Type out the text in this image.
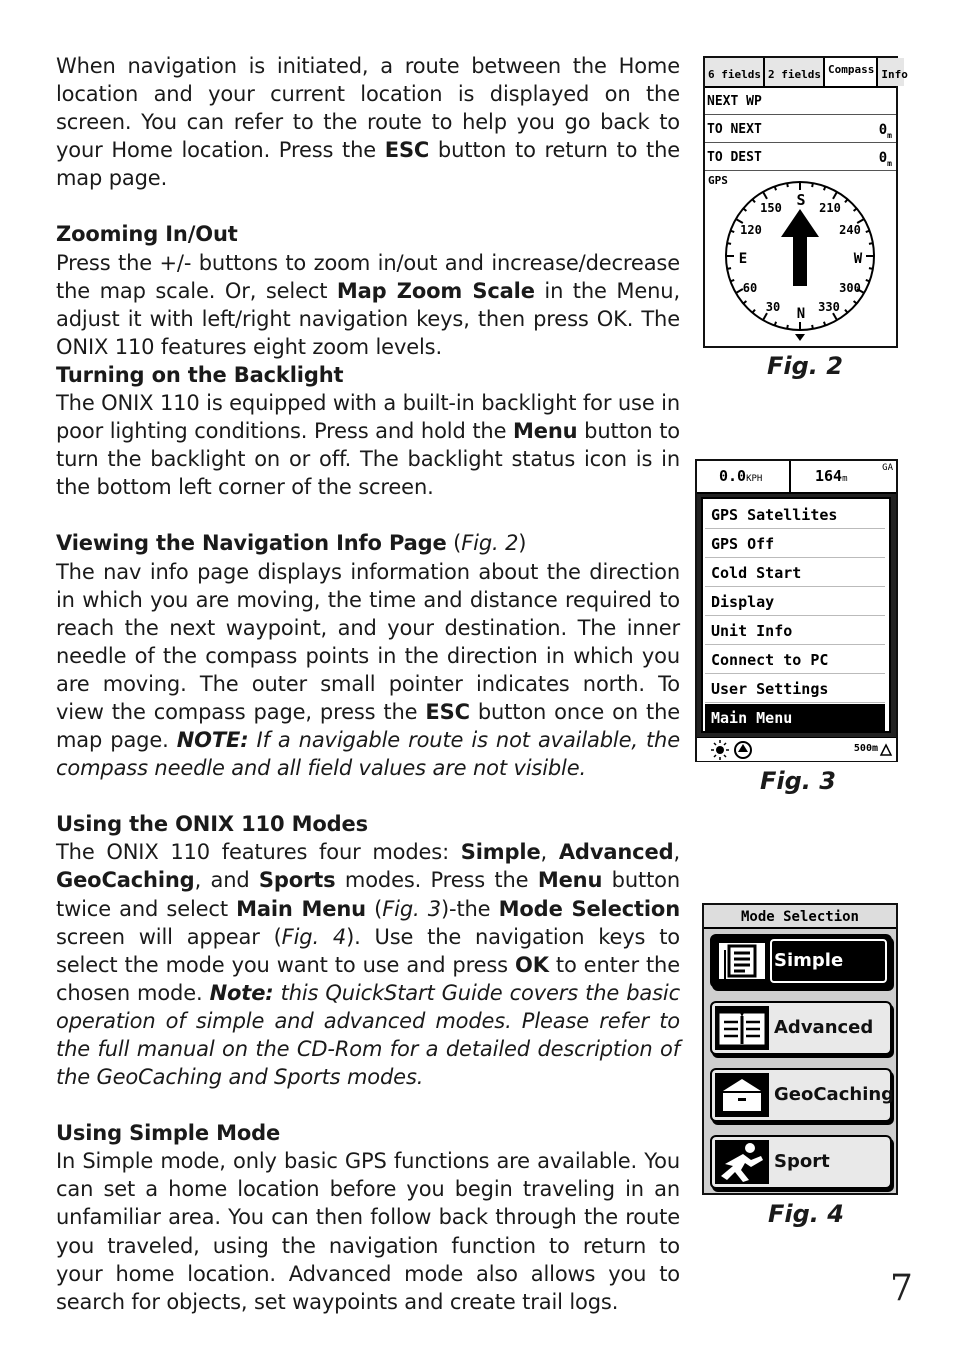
When navigation is initiated, a route between the Home location and your current location is displayed on the screen. You can refer to the route to help you go back to your Home location. Press the ESC button to return to the map page.

Zooming In/Out
Press the +/- buttons to zoom in/out and increase/decrease the map scale. Or, select Map Zoom Scale in the Menu, adjust it with left/right navigation keys, then press OK. The ONIX 110 features eight zoom levels.

Turning on the Backlight
The ONIX 110 is equipped with a built-in backlight for use in poor lighting conditions. Press and hold the Menu button to turn the backlight on or off. The backlight status icon is in the bottom left corner of the screen.

Viewing the Navigation Info Page (Fig. 2)
The nav info page displays information about the direction in which you are moving, the time and distance required to reach the next waypoint, and your destination. The inner needle of the compass points in the direction in which you are moving. The outer small pointer indicates north. To view the compass page, press the ESC button once on the map page. NOTE: If a navigable route is not available, the compass needle and all field values are not visible.

Using the ONIX 110 Modes
The ONIX 110 features four modes: Simple, Advanced, GeoCaching, and Sports modes. Press the Menu button twice and select Main Menu (Fig. 3)-the Mode Selection screen will appear (Fig. 4). Use the navigation keys to select the mode you want to use and press OK to enter the chosen mode. Note: this QuickStart Guide covers the basic operation of simple and advanced modes. Please refer to the full manual on the CD-Rom for a detailed description of the GeoCaching and Sports modes.

Using Simple Mode
In Simple mode, only basic GPS functions are available. You can set a home location before you begin traveling in an unfamiliar area. You can then follow back through the route you traveled, using the navigation function to return to your home location. Advanced mode also allows you to search for objects, set waypoints and create trail logs.

6 fields 2 fields Compass Info
NEXT WP
TO NEXT	$0_m$
TO DEST	$0_m$
GPS
S
150	210
120	240
E	W
60	300
30 N 330
Fig. 2
0.0KPH	164m
GA
GPS Satellites
GPS Off
Cold Start
Display
Unit Info
Connect to PC
User Settings
Main Menu
500m
Fig. 3
Mode Selection
Simple
Advanced
GeoCaching
Sport
Fig. 4
7
